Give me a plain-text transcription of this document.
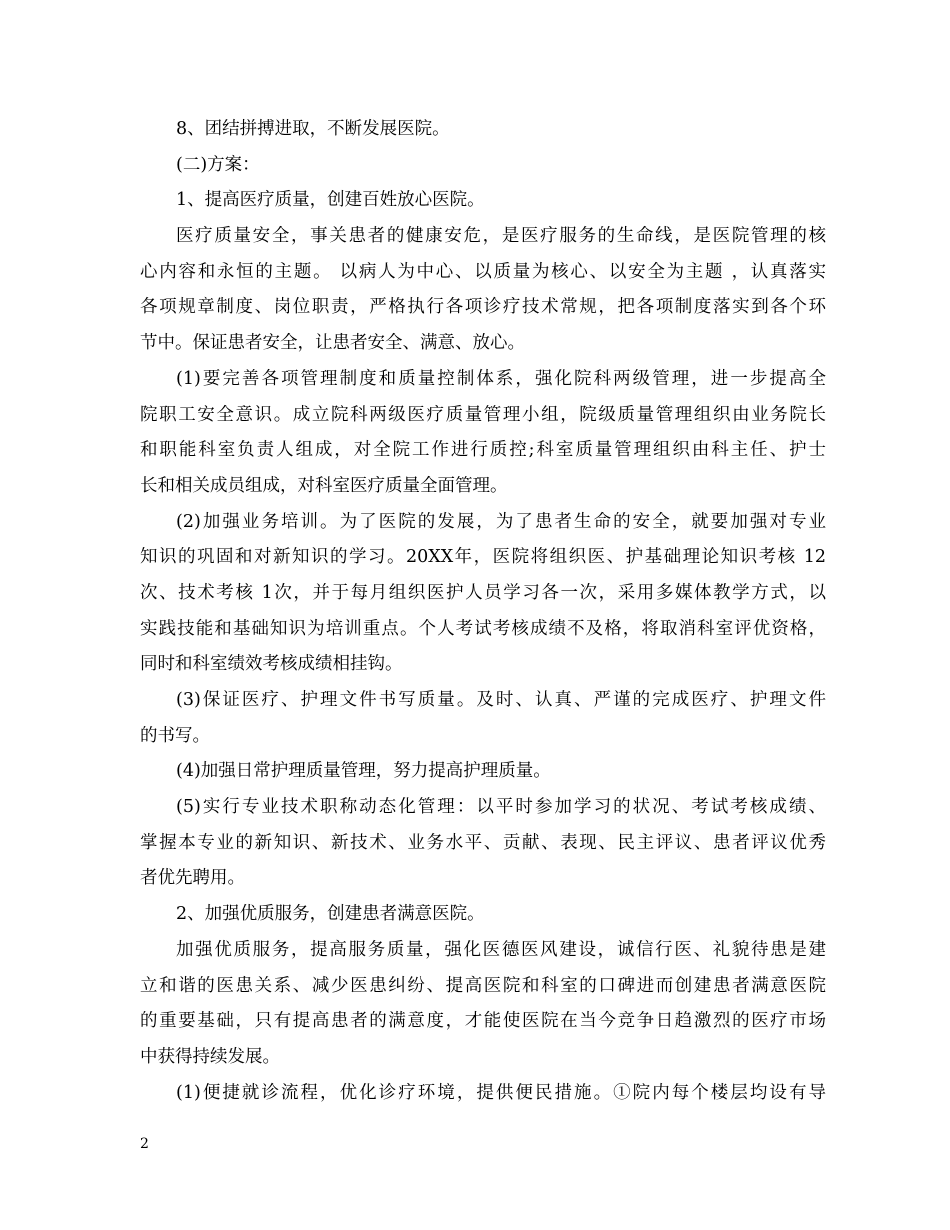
8、团结拼搏进取，不断发展医院。
(二)方案：
1、提高医疗质量，创建百姓放心医院。
医疗质量安全，事关患者的健康安危，是医疗服务的生命线，是医院管理的核
心内容和永恒的主题。 以病人为中心、以质量为核心、以安全为主题 ，认真落实
各项规章制度、岗位职责，严格执行各项诊疗技术常规，把各项制度落实到各个环
节中。保证患者安全，让患者安全、满意、放心。
(1)要完善各项管理制度和质量控制体系，强化院科两级管理，进一步提高全
院职工安全意识。成立院科两级医疗质量管理小组，院级质量管理组织由业务院长
和职能科室负责人组成，对全院工作进行质控;科室质量管理组织由科主任、护士
长和相关成员组成，对科室医疗质量全面管理。
(2)加强业务培训。为了医院的发展，为了患者生命的安全，就要加强对专业
知识的巩固和对新知识的学习。20XX年，医院将组织医、护基础理论知识考核 12
次、技术考核 1次，并于每月组织医护人员学习各一次，采用多媒体教学方式，以
实践技能和基础知识为培训重点。个人考试考核成绩不及格，将取消科室评优资格，
同时和科室绩效考核成绩相挂钩。
(3)保证医疗、护理文件书写质量。及时、认真、严谨的完成医疗、护理文件
的书写。
(4)加强日常护理质量管理，努力提高护理质量。
(5)实行专业技术职称动态化管理：以平时参加学习的状况、考试考核成绩、
掌握本专业的新知识、新技术、业务水平、贡献、表现、民主评议、患者评议优秀
者优先聘用。
2、加强优质服务，创建患者满意医院。
加强优质服务，提高服务质量，强化医德医风建设，诚信行医、礼貌待患是建
立和谐的医患关系、减少医患纠纷、提高医院和科室的口碑进而创建患者满意医院
的重要基础，只有提高患者的满意度，才能使医院在当今竞争日趋激烈的医疗市场
中获得持续发展。
(1)便捷就诊流程，优化诊疗环境，提供便民措施。①院内每个楼层均设有导
2
